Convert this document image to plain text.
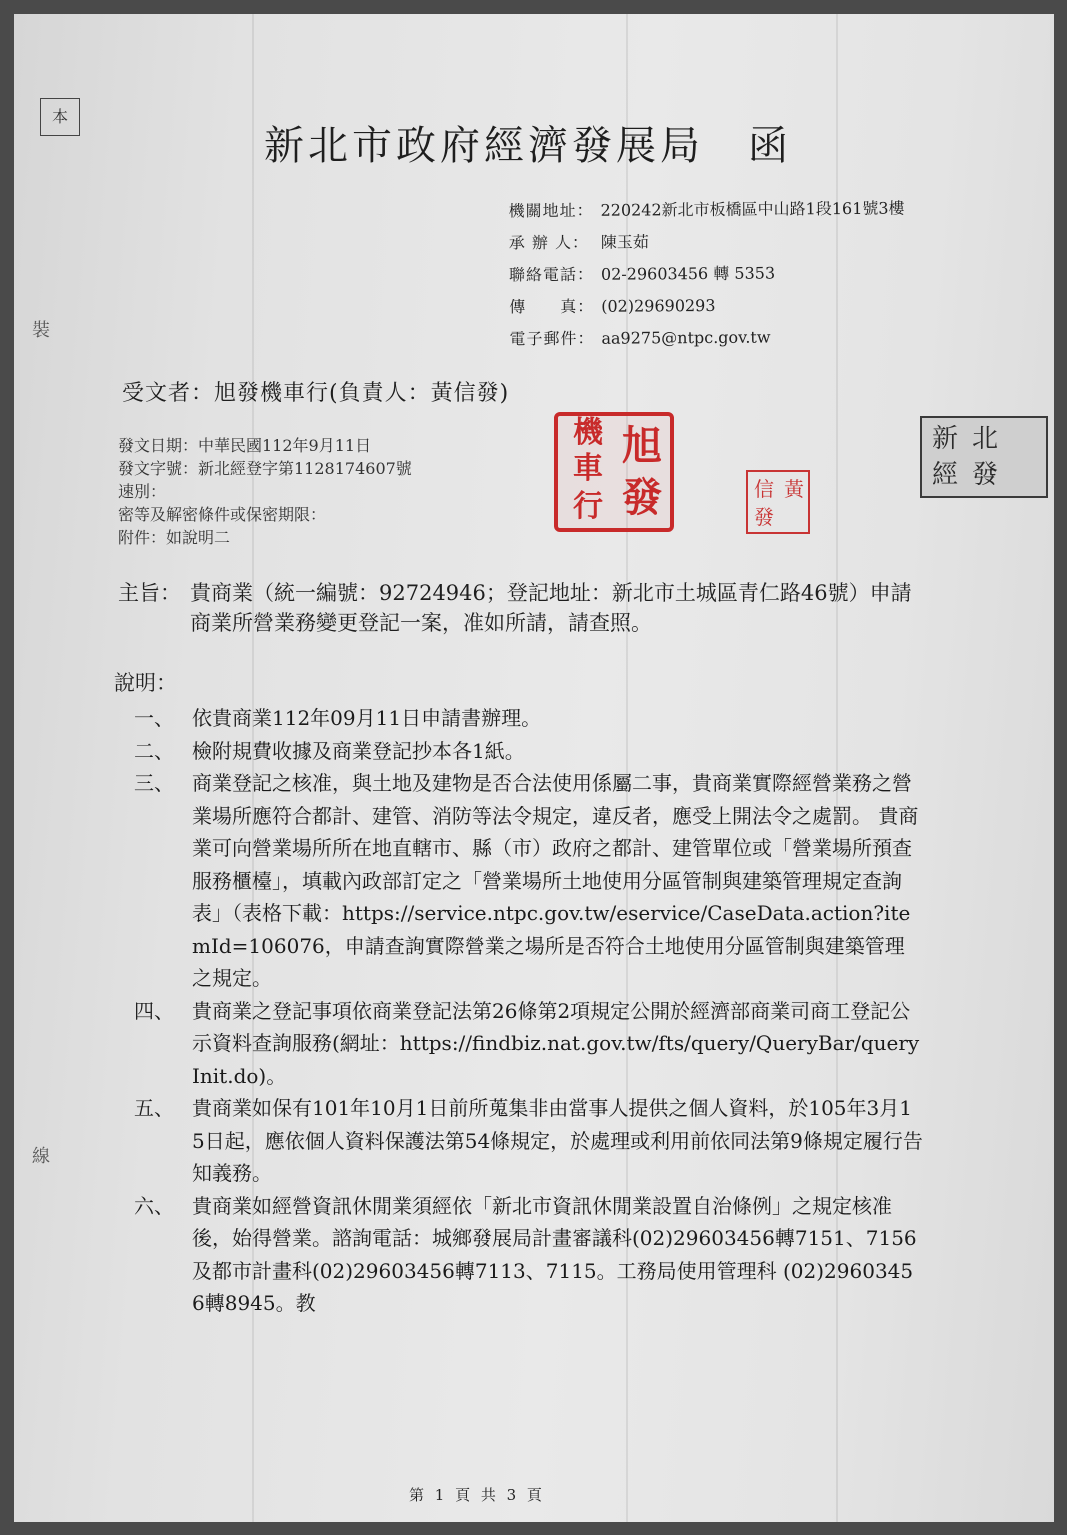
本
裝
線
新北市政府經濟發展局　函
機關地址： 220242新北市板橋區中山路1段161號3樓
承 辦 人： 陳玉茹
聯絡電話： 02-29603456 轉 5353
傳　　真： (02)29690293
電子郵件： aa9275@ntpc.gov.tw
受文者：旭發機車行(負責人：黃信發)
發文日期：中華民國112年9月11日
發文字號：新北經登字第1128174607號
速別：
密等及解密條件或保密期限：
附件：如說明二
旭
發
機
車
行	黃
信
發
新 北
經 發
主旨： 貴商業（統一編號：92724946；登記地址：新北市土城區青仁路46號）申請商業所營業務變更登記一案，准如所請，請查照。
說明：
一、 依貴商業112年09月11日申請書辦理。
二、 檢附規費收據及商業登記抄本各1紙。
三、 商業登記之核准，與土地及建物是否合法使用係屬二事，貴商業實際經營業務之營業場所應符合都計、建管、消防等法令規定，違反者，應受上開法令之處罰。 貴商業可向營業場所所在地直轄市、縣（市）政府之都計、建管單位或「營業場所預查服務櫃檯」，填載內政部訂定之「營業場所土地使用分區管制與建築管理規定查詢表」（表格下載：https://service.ntpc.gov.tw/eservice/CaseData.action?itemId=106076，申請查詢實際營業之場所是否符合土地使用分區管制與建築管理之規定。
四、 貴商業之登記事項依商業登記法第26條第2項規定公開於經濟部商業司商工登記公示資料查詢服務(網址：https://findbiz.nat.gov.tw/fts/query/QueryBar/queryInit.do)。
五、 貴商業如保有101年10月1日前所蒐集非由當事人提供之個人資料，於105年3月15日起，應依個人資料保護法第54條規定，於處理或利用前依同法第9條規定履行告知義務。
六、 貴商業如經營資訊休閒業須經依「新北市資訊休閒業設置自治條例」之規定核准後，始得營業。諮詢電話：城鄉發展局計畫審議科(02)29603456轉7151、7156及都市計畫科(02)29603456轉7113、7115。工務局使用管理科 (02)29603456轉8945。教
第 1 頁 共 3 頁
